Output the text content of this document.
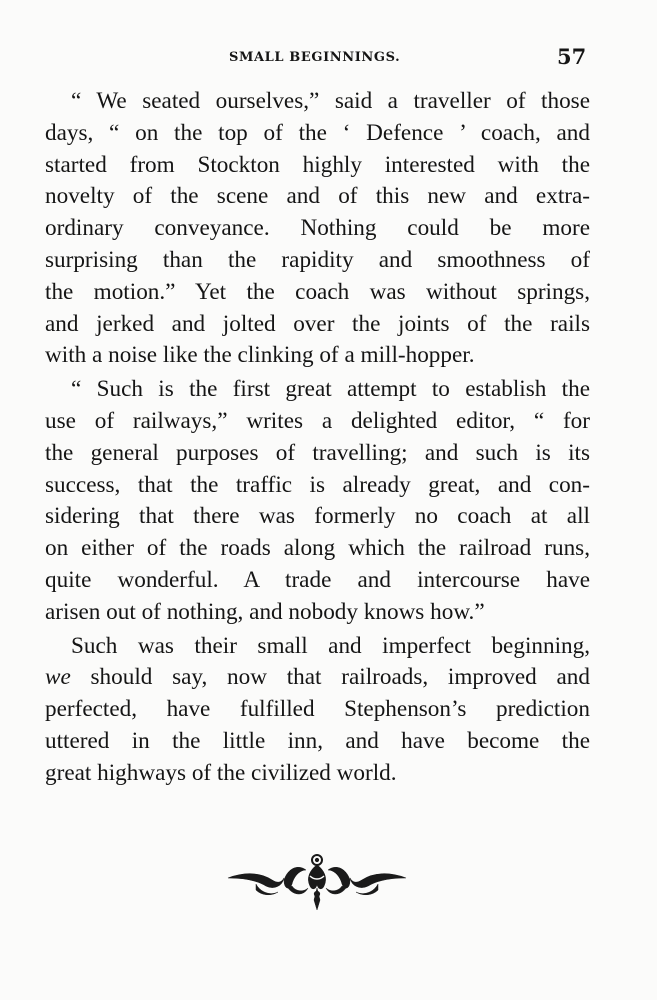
SMALL BEGINNINGS.	57
“ We seated ourselves,” said a traveller of those
days, “ on the top of the ‘ Defence ’ coach, and
started from Stockton highly interested with the
novelty of the scene and of this new and extra-
ordinary conveyance. Nothing could be more
surprising than the rapidity and smoothness of
the motion.” Yet the coach was without springs,
and jerked and jolted over the joints of the rails
with a noise like the clinking of a mill-hopper.
“ Such is the first great attempt to establish the
use of railways,” writes a delighted editor, “ for
the general purposes of travelling; and such is its
success, that the traffic is already great, and con-
sidering that there was formerly no coach at all
on either of the roads along which the railroad runs,
quite wonderful. A trade and intercourse have
arisen out of nothing, and nobody knows how.”
Such was their small and imperfect beginning,
we should say, now that railroads, improved and
perfected, have fulfilled Stephenson’s prediction
uttered in the little inn, and have become the
great highways of the civilized world.
